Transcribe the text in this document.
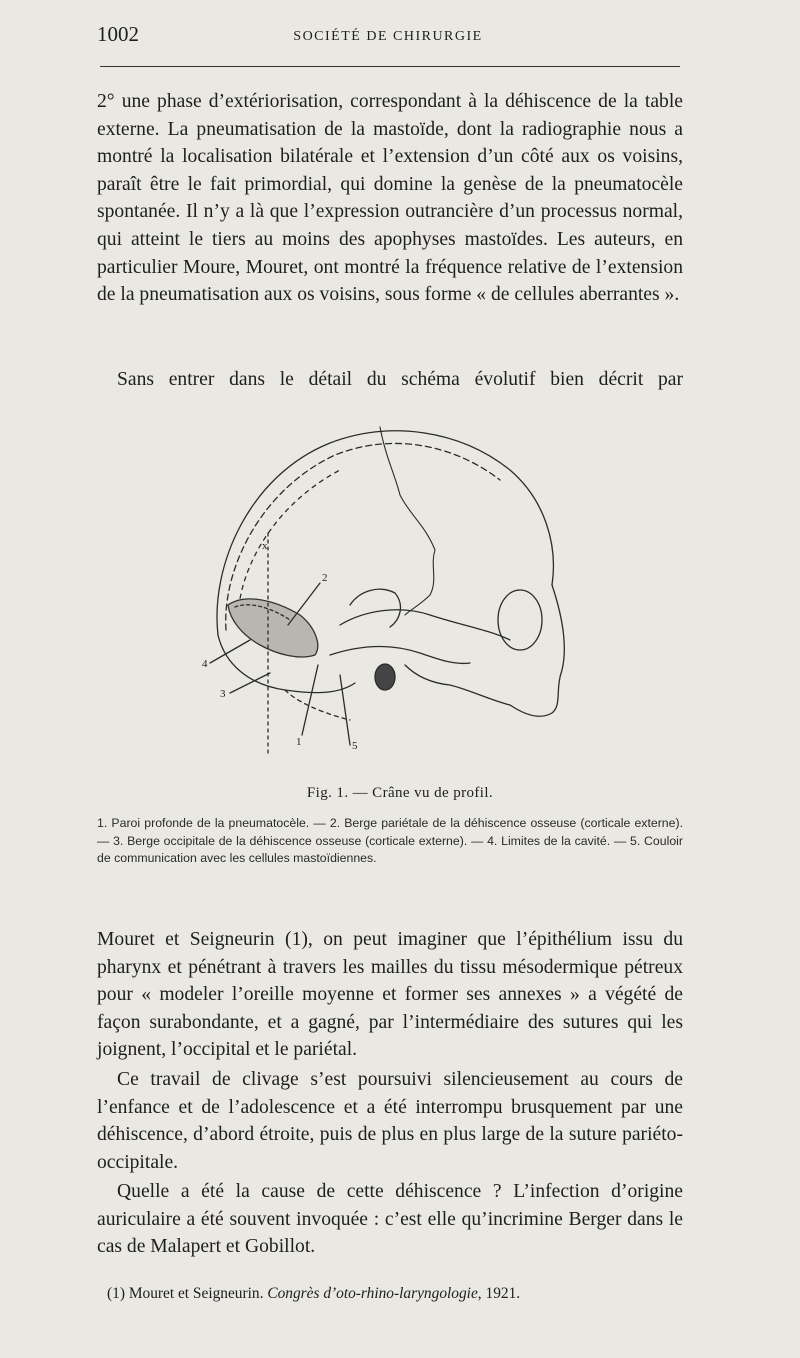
1002	SOCIÉTÉ DE CHIRURGIE

2° une phase d’extériorisation, correspondant à la déhiscence de la table externe. La pneumatisation de la mastoïde, dont la radiographie nous a montré la localisation bilatérale et l’extension d’un côté aux os voisins, paraît être le fait primordial, qui domine la genèse de la pneumatocèle spontanée. Il n’y a là que l’expression outrancière d’un processus normal, qui atteint le tiers au moins des apophyses mastoïdes. Les auteurs, en particulier Moure, Mouret, ont montré la fréquence relative de l’extension de la pneumatisation aux os voisins, sous forme « de cellules aberrantes ».

Sans entrer dans le détail du schéma évolutif bien décrit par

x
2
4
3
1	5
Fig. 1. — Crâne vu de profil.

1. Paroi profonde de la pneumatocèle. — 2. Berge pariétale de la déhiscence osseuse (corticale externe). — 3. Berge occipitale de la déhiscence osseuse (corticale externe). — 4. Limites de la cavité. — 5. Couloir de communication avec les cellules mastoïdiennes.

Mouret et Seigneurin (1), on peut imaginer que l’épithélium issu du pharynx et pénétrant à travers les mailles du tissu mésodermique pétreux pour « modeler l’oreille moyenne et former ses annexes » a végété de façon surabondante, et a gagné, par l’intermédiaire des sutures qui les joignent, l’occipital et le pariétal.

Ce travail de clivage s’est poursuivi silencieusement au cours de l’enfance et de l’adolescence et a été interrompu brusquement par une déhiscence, d’abord étroite, puis de plus en plus large de la suture pariéto-occipitale.

Quelle a été la cause de cette déhiscence ? L’infection d’origine auriculaire a été souvent invoquée : c’est elle qu’incrimine Berger dans le cas de Malapert et Gobillot.

(1) Mouret et Seigneurin. Congrès d’oto-rhino-laryngologie, 1921.
